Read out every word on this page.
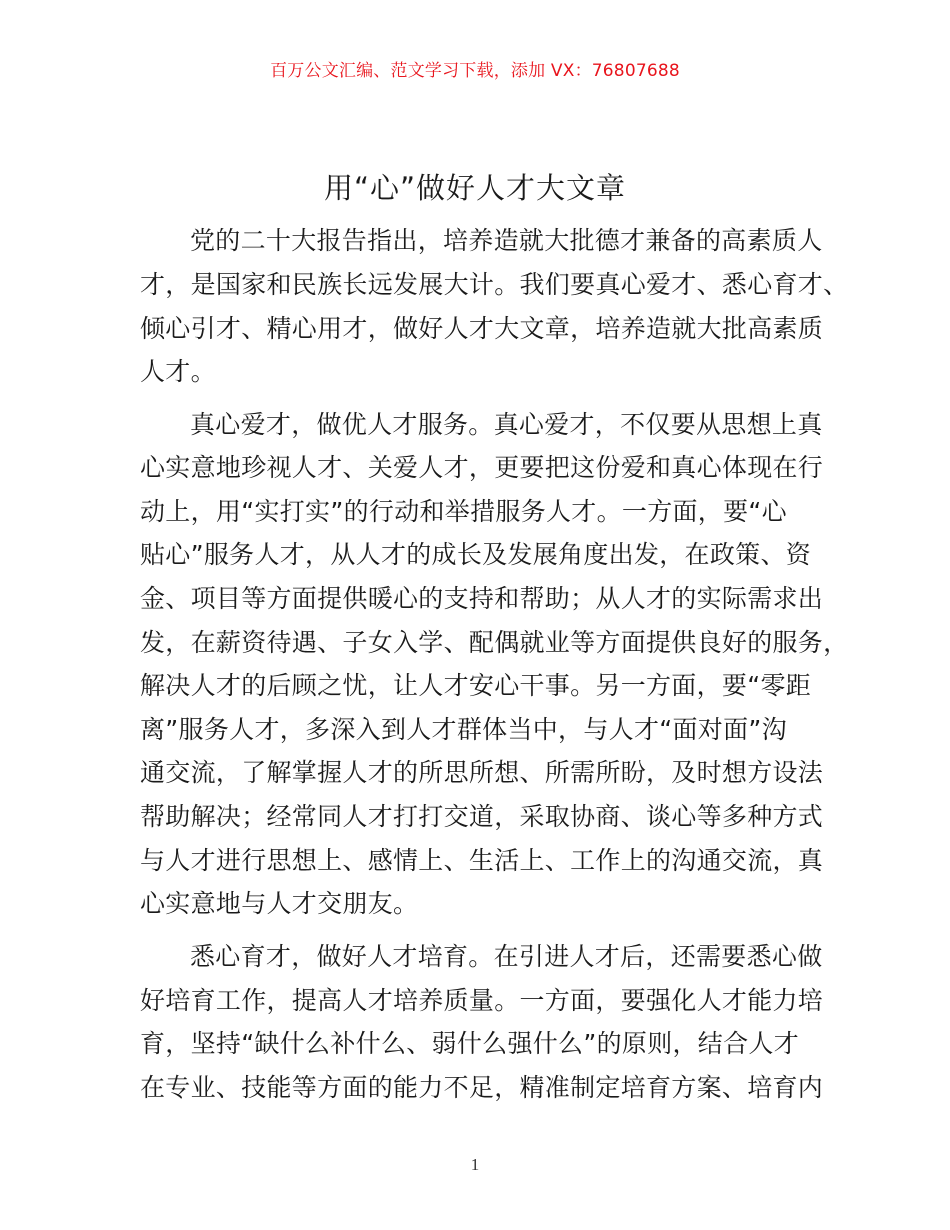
百万公文汇编、范文学习下载，添加 VX：76807688
用“心”做好人才大文章
党的二十大报告指出，培养造就大批德才兼备的高素质人
才，是国家和民族长远发展大计。我们要真心爱才、悉心育才、
倾心引才、精心用才，做好人才大文章，培养造就大批高素质
人才。
真心爱才，做优人才服务。真心爱才，不仅要从思想上真
心实意地珍视人才、关爱人才，更要把这份爱和真心体现在行
动上，用“实打实”的行动和举措服务人才。一方面，要“心
贴心”服务人才，从人才的成长及发展角度出发，在政策、资
金、项目等方面提供暖心的支持和帮助；从人才的实际需求出
发，在薪资待遇、子女入学、配偶就业等方面提供良好的服务，
解决人才的后顾之忧，让人才安心干事。另一方面，要“零距
离”服务人才，多深入到人才群体当中，与人才“面对面”沟
通交流，了解掌握人才的所思所想、所需所盼，及时想方设法
帮助解决；经常同人才打打交道，采取协商、谈心等多种方式
与人才进行思想上、感情上、生活上、工作上的沟通交流，真
心实意地与人才交朋友。
悉心育才，做好人才培育。在引进人才后，还需要悉心做
好培育工作，提高人才培养质量。一方面，要强化人才能力培
育，坚持“缺什么补什么、弱什么强什么”的原则，结合人才
在专业、技能等方面的能力不足，精准制定培育方案、培育内
1
